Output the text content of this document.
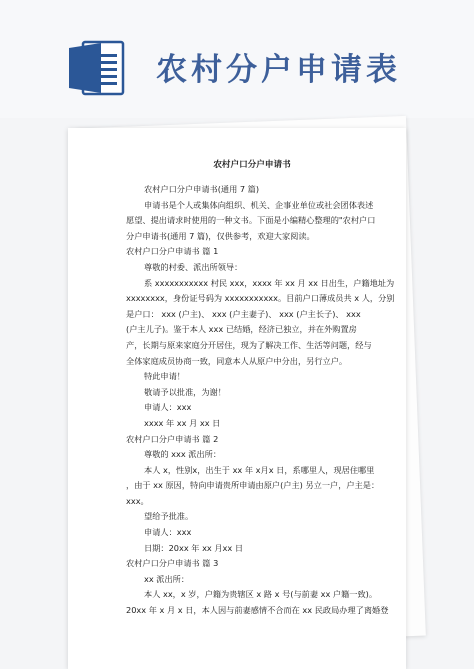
农村分户申请表
农村户口分户申请书

农村户口分户申请书(通用 7 篇)

申请书是个人或集体向组织、机关、企事业单位或社会团体表述

愿望、提出请求时使用的一种文书。下面是小编精心整理的"农村户口

分户申请书(通用 7 篇)，仅供参考，欢迎大家阅读。

农村户口分户申请书 篇 1

尊敬的村委、派出所领导：

系 xxxxxxxxxxx 村民 xxx，xxxx 年 xx 月 xx 日出生，户籍地址为

xxxxxxxx，身份证号码为 xxxxxxxxxxx。目前户口薄成员共 x 人，分别

是户口： xxx (户主)、 xxx (户主妻子)、 xxx (户主长子)、 xxx

(户主儿子)。鉴于本人 xxx 已结婚，经济已独立，并在外购置房

产，长期与原来家庭分开居住，现为了解决工作、生活等问题，经与

全体家庭成员协商一致，同意本人从原户中分出，另行立户。

特此申请！

敬请予以批准，为谢！

申请人：xxx

xxxx 年 xx 月 xx 日

农村户口分户申请书 篇 2

尊敬的 xxx 派出所：

本人 x，性别x，出生于 xx 年 x月x 日，系哪里人，现居住哪里

，由于 xx 原因，特向申请贵所申请由原户(户主) 另立一户，户主是：

xxx。

望给予批准。

申请人：xxx

日期：20xx 年 xx 月xx 日

农村户口分户申请书 篇 3

xx 派出所：

本人 xx，x 岁，户籍为贵辖区 x 路 x 号(与前妻 xx 户籍一致)。

20xx 年 x 月 x 日，本人因与前妻感情不合而在 xx 民政局办理了离婚登
